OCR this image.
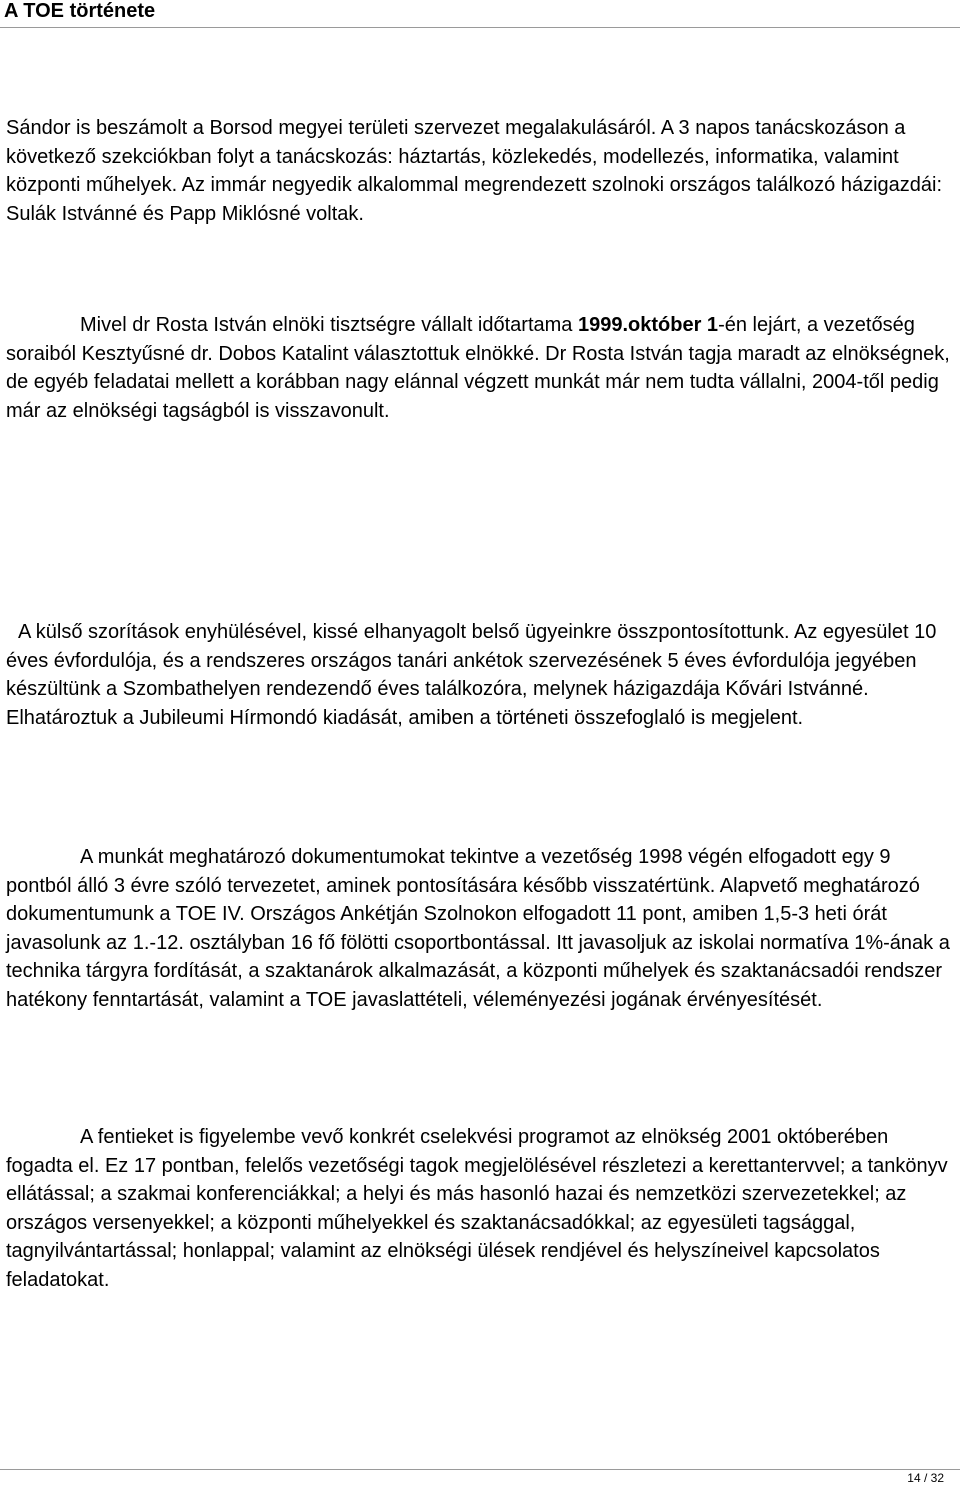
A TOE története

Sándor is beszámolt a Borsod megyei területi szervezet megalakulásáról. A 3 napos tanácskozáson a következő szekciókban folyt a tanácskozás: háztartás, közlekedés, modellezés, informatika, valamint központi műhelyek. Az immár negyedik alkalommal megrendezett szolnoki országos találkozó házigazdái: Sulák Istvánné és Papp Miklósné voltak.

Mivel dr Rosta István elnöki tisztségre vállalt időtartama 1999.október 1-én lejárt, a vezetőség soraiból Kesztyűsné dr. Dobos Katalint választottuk elnökké. Dr Rosta István tagja maradt az elnökségnek, de egyéb feladatai mellett a korábban nagy elánnal végzett munkát már nem tudta vállalni, 2004-től pedig már az elnökségi tagságból is visszavonult.

A külső szorítások enyhülésével, kissé elhanyagolt belső ügyeinkre összpontosítottunk. Az egyesület 10 éves évfordulója, és a rendszeres országos tanári ankétok szervezésének 5 éves évfordulója jegyében készültünk a Szombathelyen rendezendő éves találkozóra, melynek házigazdája Kővári Istvánné. Elhatároztuk a Jubileumi Hírmondó kiadását, amiben a történeti összefoglaló is megjelent.

A munkát meghatározó dokumentumokat tekintve a vezetőség 1998 végén elfogadott egy 9 pontból álló 3 évre szóló tervezetet, aminek pontosítására később visszatértünk. Alapvető meghatározó dokumentumunk a TOE IV. Országos Ankétján Szolnokon elfogadott 11 pont, amiben 1,5-3 heti órát javasolunk az 1.-12. osztályban 16 fő fölötti csoportbontással. Itt javasoljuk az iskolai normatíva 1%-ának a technika tárgyra fordítását, a szaktanárok alkalmazását, a központi műhelyek és szaktanácsadói rendszer hatékony fenntartását, valamint a TOE javaslattételi, véleményezési jogának érvényesítését.

A fentieket is figyelembe vevő konkrét cselekvési programot az elnökség 2001 októberében fogadta el. Ez 17 pontban, felelős vezetőségi tagok megjelölésével részletezi a kerettantervvel; a tankönyv ellátással; a szakmai konferenciákkal; a helyi és más hasonló hazai és nemzetközi szervezetekkel; az országos versenyekkel; a központi műhelyekkel és szaktanácsadókkal; az egyesületi tagsággal, tagnyilvántartással; honlappal; valamint az elnökségi ülések rendjével és helyszíneivel kapcsolatos feladatokat.

14 / 32
